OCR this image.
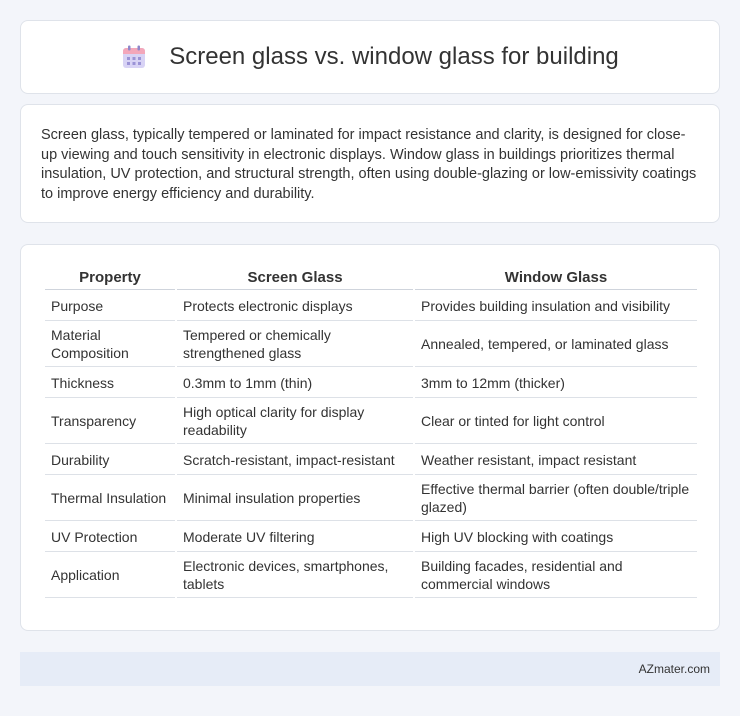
Screen glass vs. window glass for building

Screen glass, typically tempered or laminated for impact resistance and clarity, is designed for close-up viewing and touch sensitivity in electronic displays. Window glass in buildings prioritizes thermal insulation, UV protection, and structural strength, often using double-glazing or low-emissivity coatings to improve energy efficiency and durability.

Property	Screen Glass	Window Glass
Purpose	Protects electronic displays	Provides building insulation and visibility
Material Composition	Tempered or chemically strengthened glass	Annealed, tempered, or laminated glass
Thickness	0.3mm to 1mm (thin)	3mm to 12mm (thicker)
Transparency	High optical clarity for display readability	Clear or tinted for light control
Durability	Scratch-resistant, impact-resistant	Weather resistant, impact resistant
Thermal Insulation	Minimal insulation properties	Effective thermal barrier (often double/triple glazed)
UV Protection	Moderate UV filtering	High UV blocking with coatings
Application	Electronic devices, smartphones, tablets	Building facades, residential and commercial windows
AZmater.com
